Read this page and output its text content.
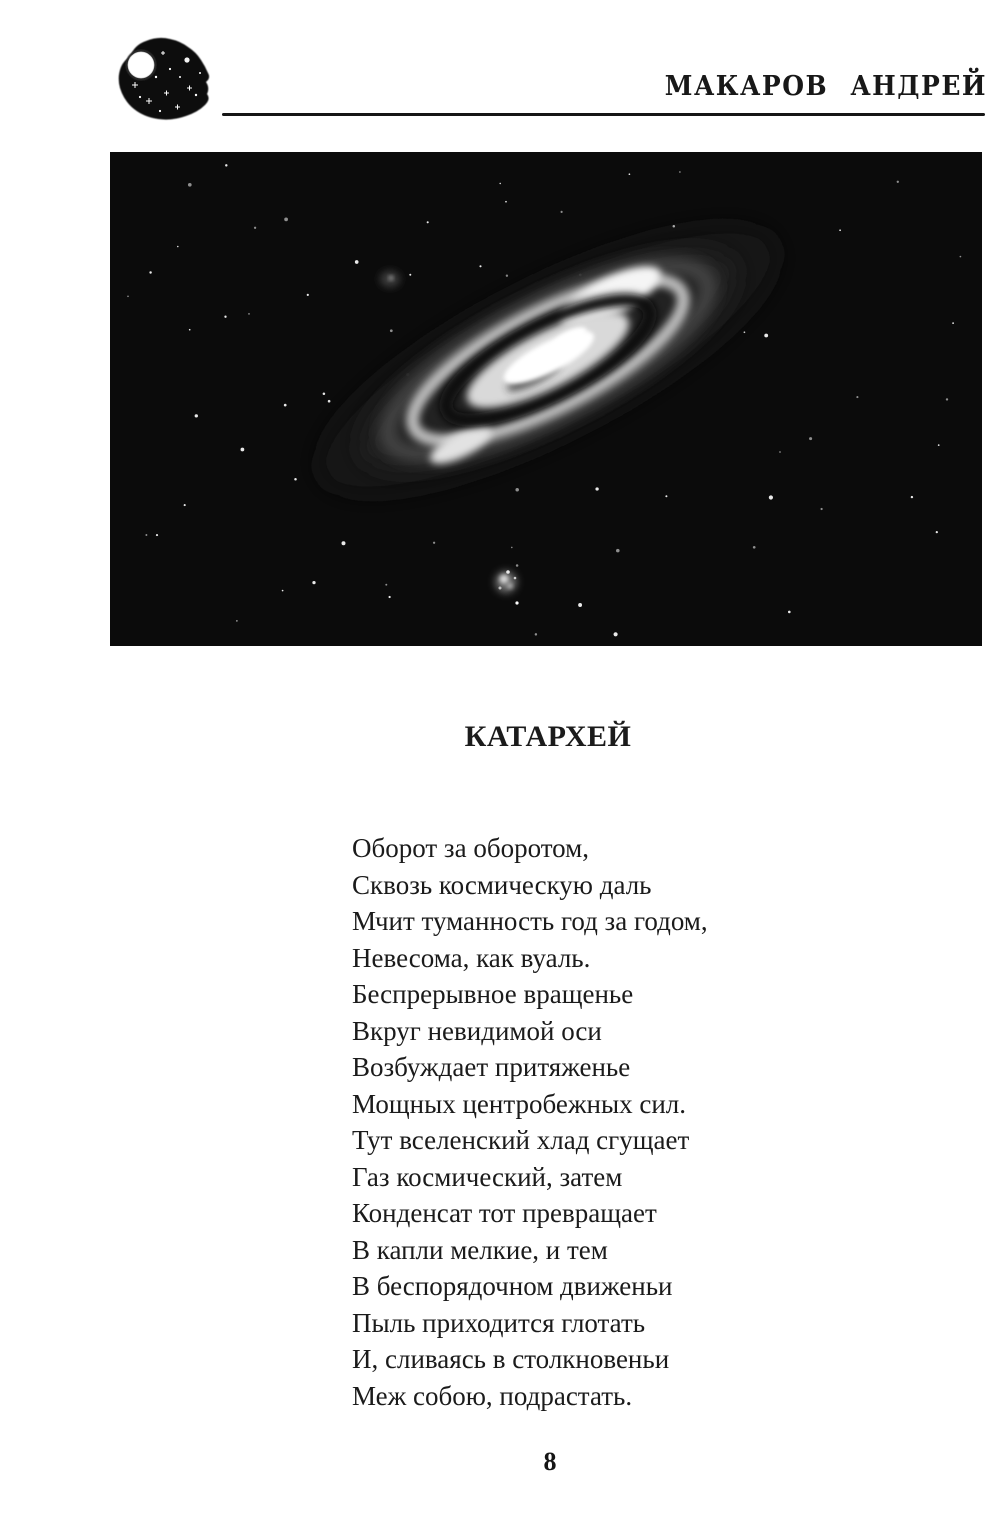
МАКАРОВ АНДРЕЙ
КАТАРХЕЙ
Оборот за оборотом,
Сквозь космическую даль
Мчит туманность год за годом,
Невесома, как вуаль.
Беспрерывное вращенье
Вкруг невидимой оси
Возбуждает притяженье
Мощных центробежных сил.
Тут вселенский хлад сгущает
Газ космический, затем
Конденсат тот превращает
В капли мелкие, и тем
В беспорядочном движеньи
Пыль приходится глотать
И, сливаясь в столкновеньи
Меж собою, подрастать.
8
